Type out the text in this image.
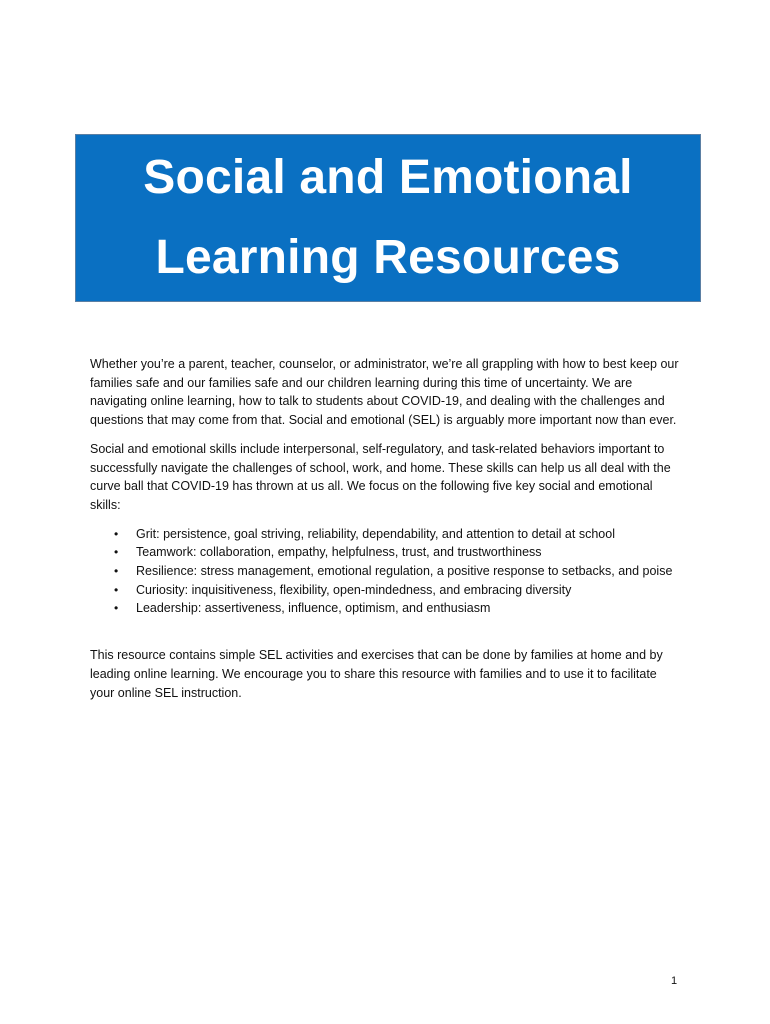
Social and Emotional
Learning Resources

Whether you’re a parent, teacher, counselor, or administrator, we’re all grappling with how to best keep our families safe and our families safe and our children learning during this time of uncertainty. We are navigating online learning, how to talk to students about COVID-19, and dealing with the challenges and questions that may come from that. Social and emotional (SEL) is arguably more important now than ever.

Social and emotional skills include interpersonal, self-regulatory, and task-related behaviors important to successfully navigate the challenges of school, work, and home. These skills can help us all deal with the curve ball that COVID-19 has thrown at us all. We focus on the following five key social and emotional skills:

• Grit: persistence, goal striving, reliability, dependability, and attention to detail at school
• Teamwork: collaboration, empathy, helpfulness, trust, and trustworthiness
• Resilience: stress management, emotional regulation, a positive response to setbacks, and poise
• Curiosity: inquisitiveness, flexibility, open-mindedness, and embracing diversity
• Leadership: assertiveness, influence, optimism, and enthusiasm

This resource contains simple SEL activities and exercises that can be done by families at home and by leading online learning. We encourage you to share this resource with families and to use it to facilitate your online SEL instruction.

1
